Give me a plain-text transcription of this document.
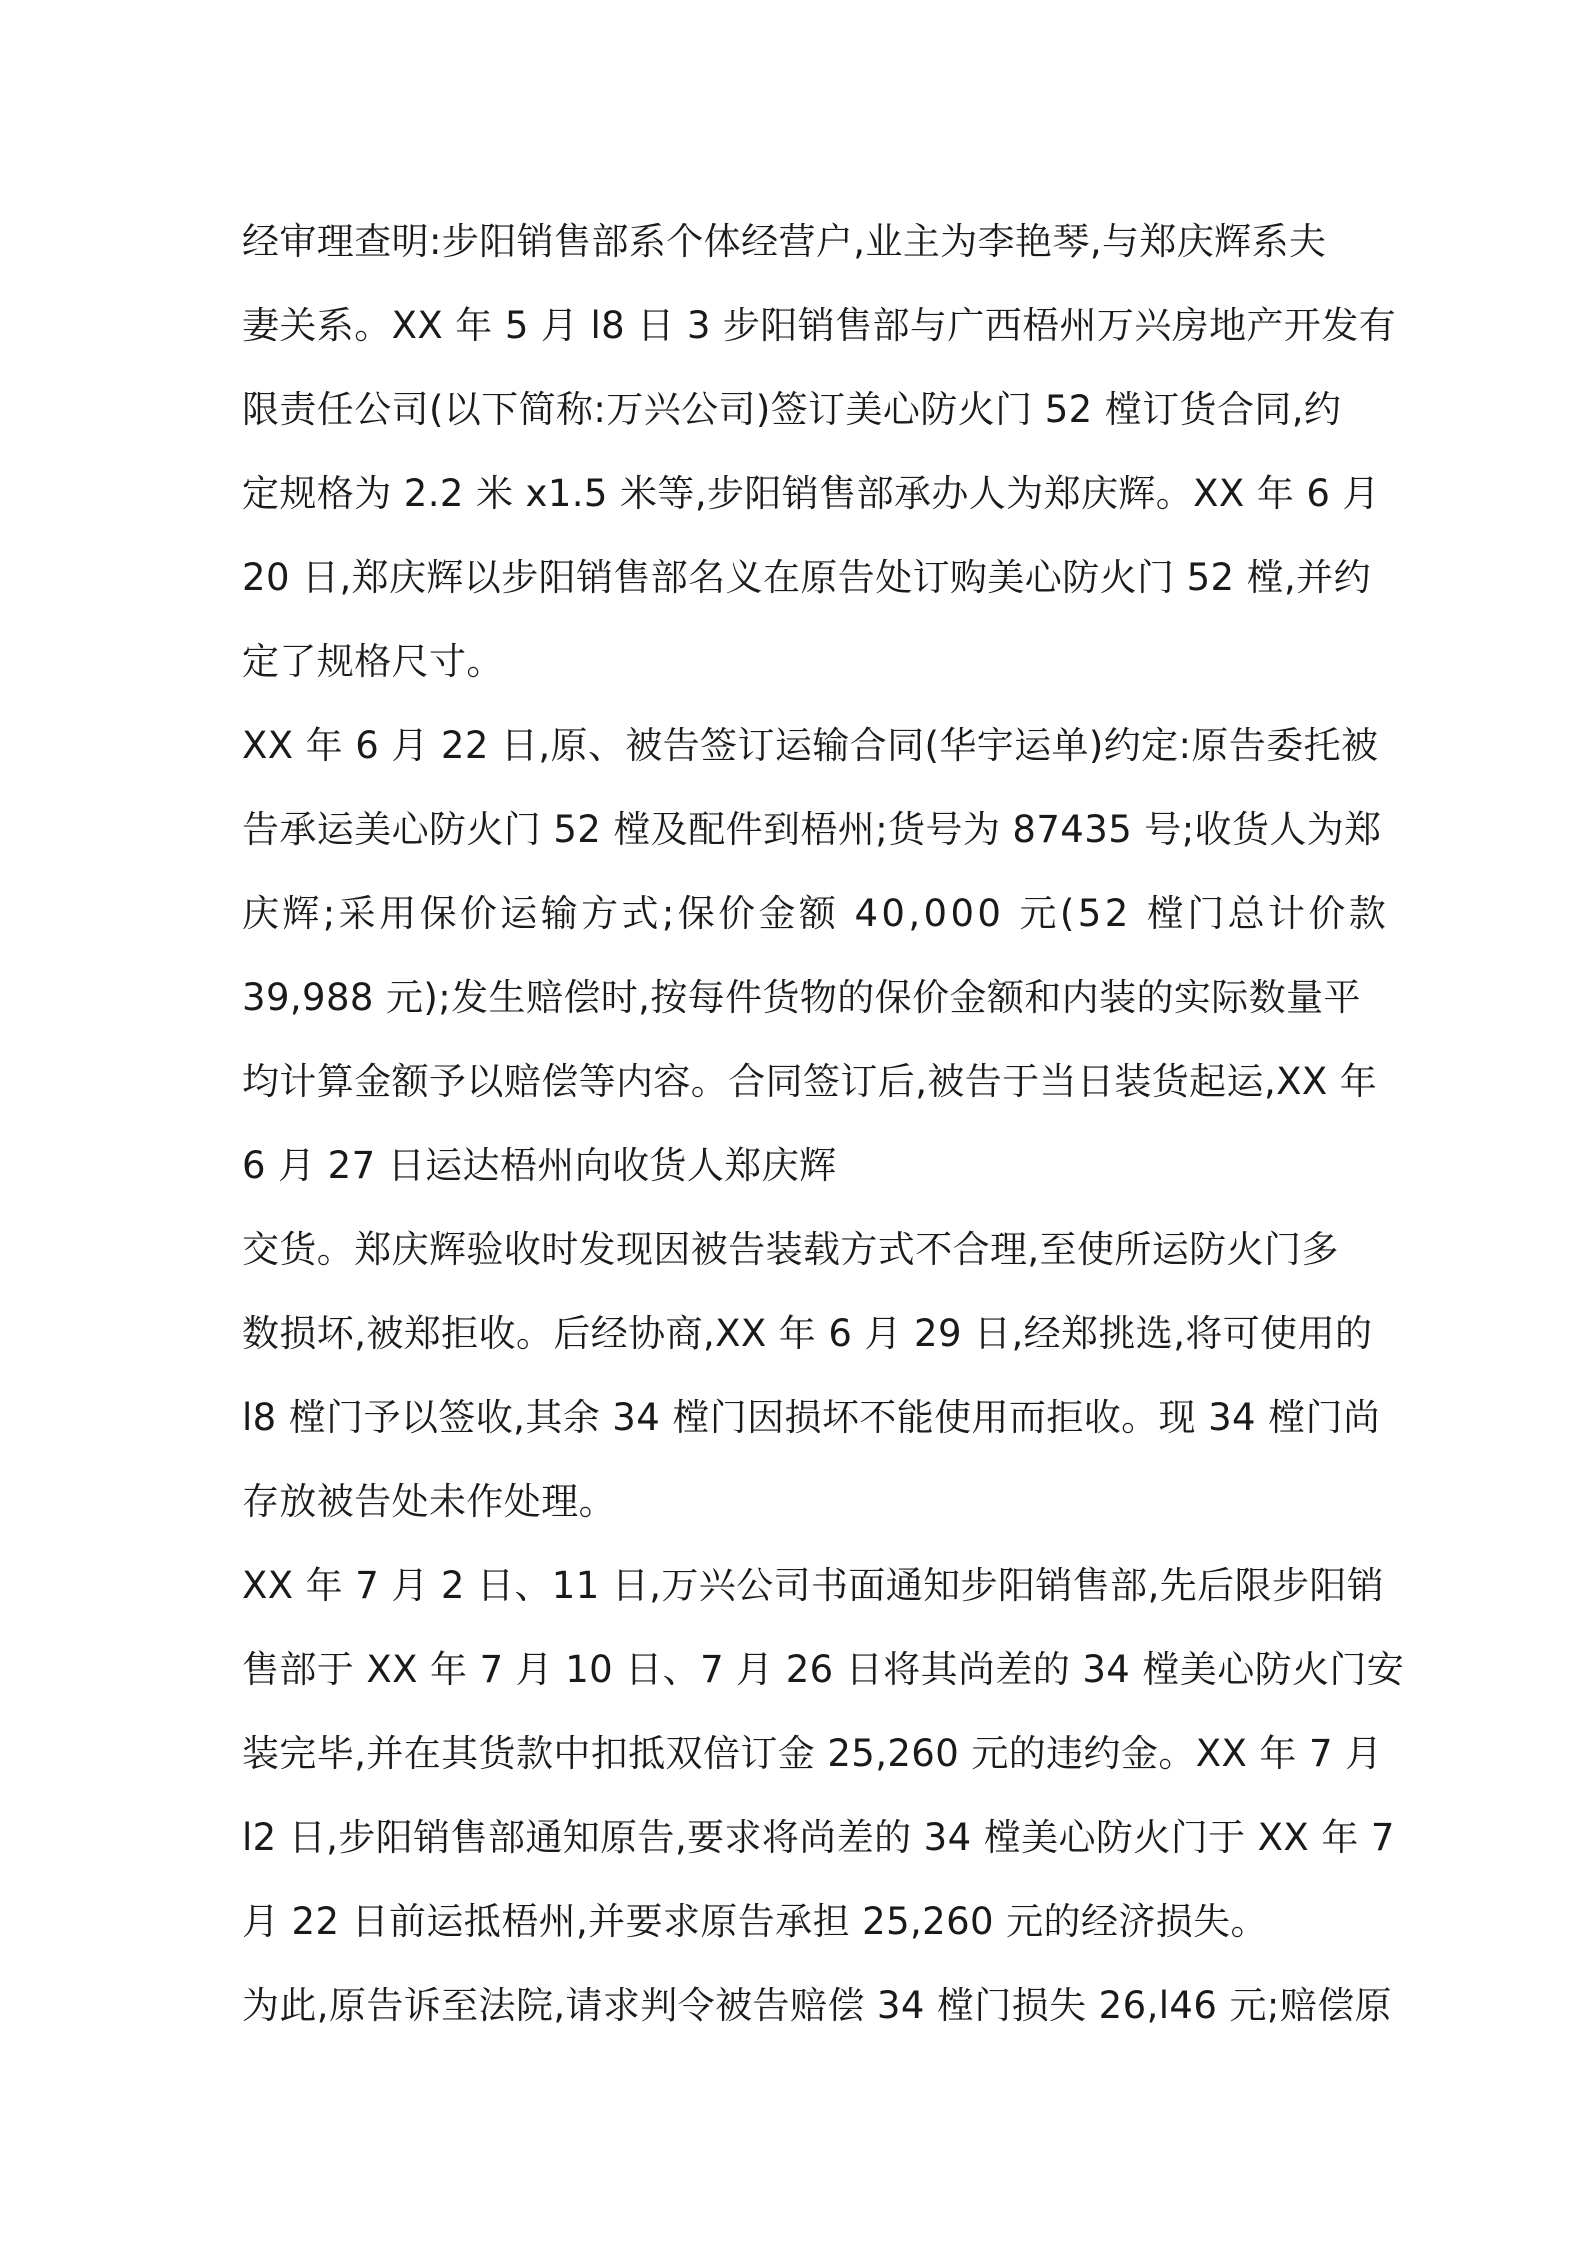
经审理查明:步阳销售部系个体经营户,业主为李艳琴,与郑庆辉系夫
妻关系。XX 年 5 月 l8 日 3 步阳销售部与广西梧州万兴房地产开发有
限责任公司(以下简称:万兴公司)签订美心防火门 52 樘订货合同,约
定规格为 2.2 米 x1.5 米等,步阳销售部承办人为郑庆辉。XX 年 6 月
20 日,郑庆辉以步阳销售部名义在原告处订购美心防火门 52 樘,并约
定了规格尺寸。
XX 年 6 月 22 日,原、被告签订运输合同(华宇运单)约定:原告委托被
告承运美心防火门 52 樘及配件到梧州;货号为 87435 号;收货人为郑
庆辉;采用保价运输方式;保价金额 40,000 元(52 樘门总计价款
39,988 元);发生赔偿时,按每件货物的保价金额和内装的实际数量平
均计算金额予以赔偿等内容。合同签订后,被告于当日装货起运,XX 年
6 月 27 日运达梧州向收货人郑庆辉
交货。郑庆辉验收时发现因被告装载方式不合理,至使所运防火门多
数损坏,被郑拒收。后经协商,XX 年 6 月 29 日,经郑挑选,将可使用的
l8 樘门予以签收,其余 34 樘门因损坏不能使用而拒收。现 34 樘门尚
存放被告处未作处理。
XX 年 7 月 2 日、11 日,万兴公司书面通知步阳销售部,先后限步阳销
售部于 XX 年 7 月 10 日、7 月 26 日将其尚差的 34 樘美心防火门安
装完毕,并在其货款中扣抵双倍订金 25,260 元的违约金。XX 年 7 月
l2 日,步阳销售部通知原告,要求将尚差的 34 樘美心防火门于 XX 年 7
月 22 日前运抵梧州,并要求原告承担 25,260 元的经济损失。
为此,原告诉至法院,请求判令被告赔偿 34 樘门损失 26,l46 元;赔偿原
